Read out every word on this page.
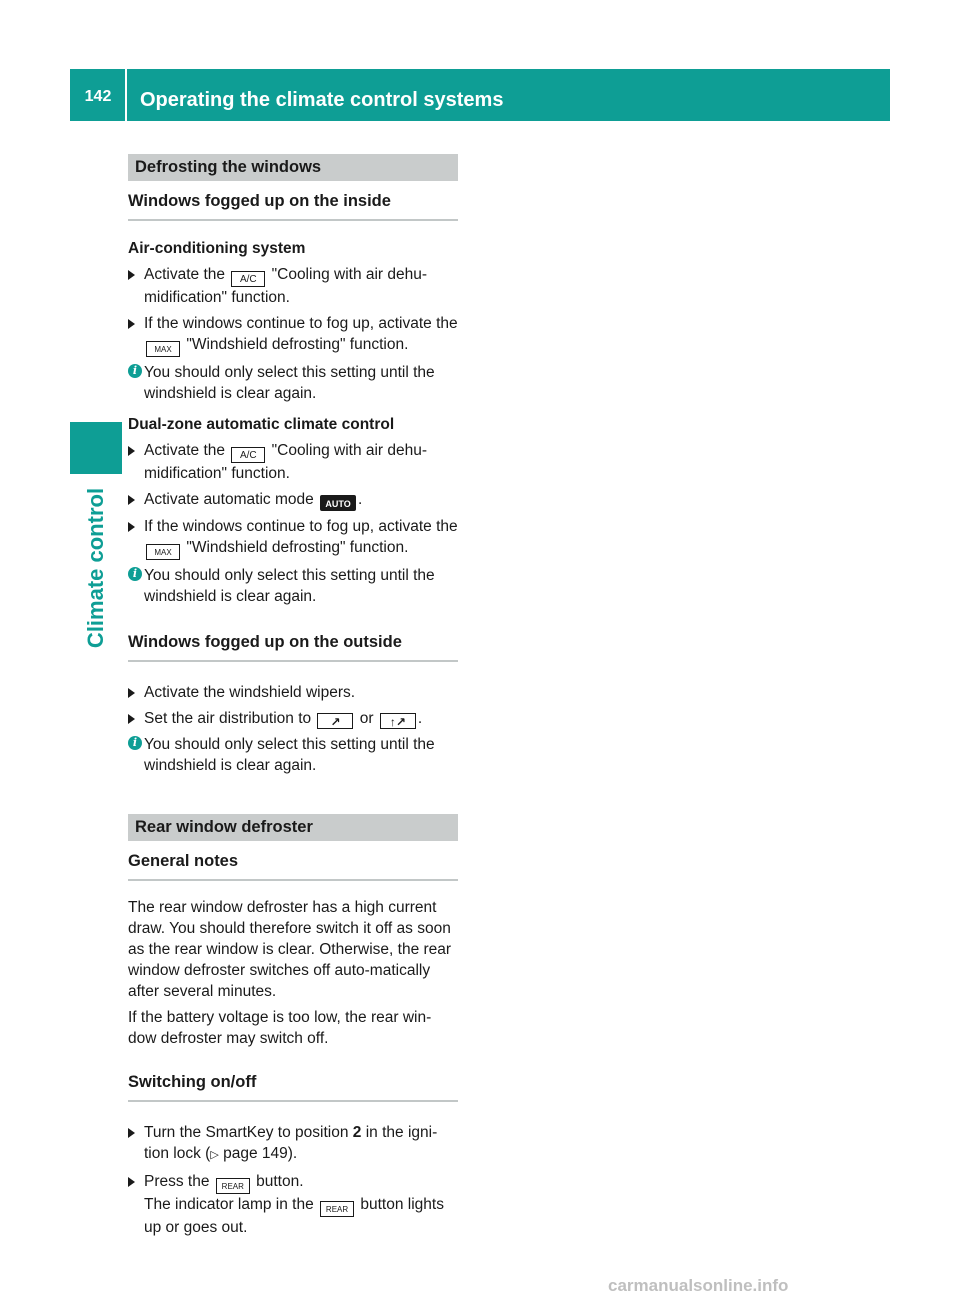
142	Operating the climate control systems
Climate control
Defrosting the windows
Windows fogged up on the inside
Air-conditioning system
Activate the A/C "Cooling with air dehu-midification" function.
If the windows continue to fog up, activate the MAX "Windshield defrosting" function.
i You should only select this setting until the windshield is clear again.
Dual-zone automatic climate control
Activate the A/C "Cooling with air dehu-midification" function.
Activate automatic mode AUTO .
If the windows continue to fog up, activate the MAX "Windshield defrosting" function.
i You should only select this setting until the windshield is clear again.
Windows fogged up on the outside
Activate the windshield wipers.
Set the air distribution to ↗ or ↑↗ .
i You should only select this setting until the windshield is clear again.
Rear window defroster
General notes
The rear window defroster has a high current draw. You should therefore switch it off as soon as the rear window is clear. Otherwise, the rear window defroster switches off auto-matically after several minutes.
If the battery voltage is too low, the rear win-dow defroster may switch off.
Switching on/off
Turn the SmartKey to position 2 in the igni-tion lock (▷ page 149).
Press the REAR button.
The indicator lamp in the REAR button lights up or goes out.
carmanualsonline.info
